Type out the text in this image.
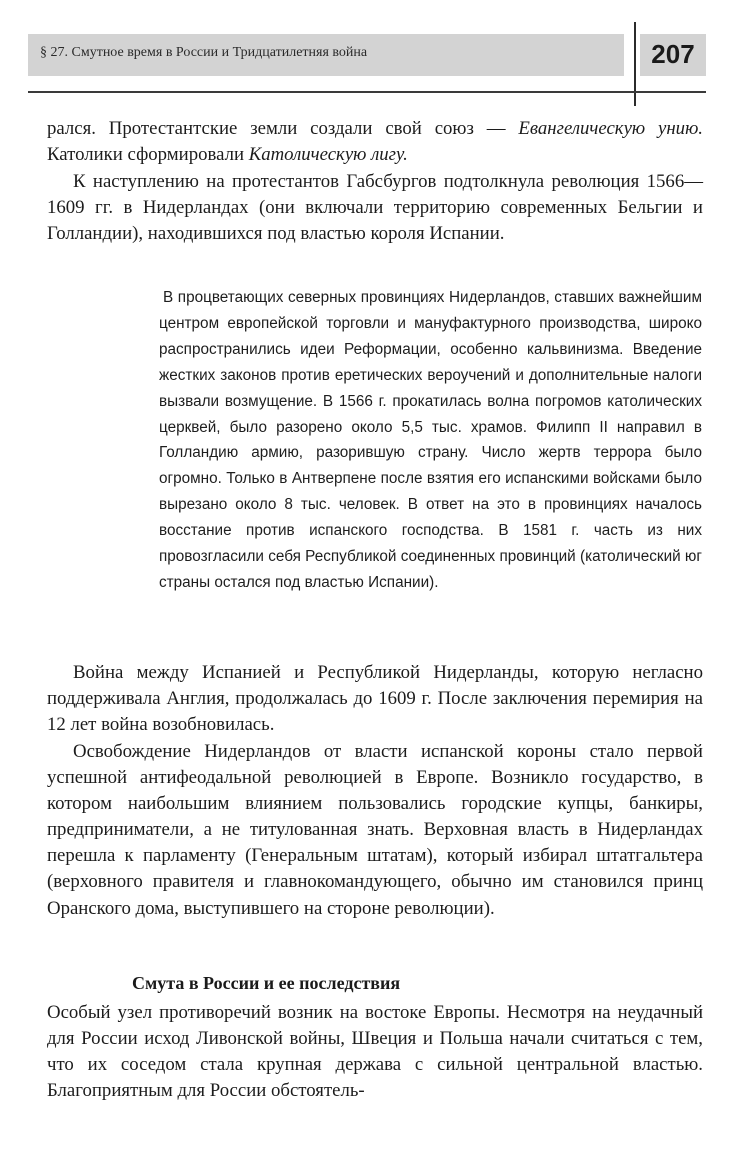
§ 27. Смутное время в России и Тридцатилетняя война	207

рался. Протестантские земли создали свой союз — Евангелическую унию. Католики сформировали Католическую лигу.

К наступлению на протестантов Габсбургов подтолкнула революция 1566—1609 гг. в Нидерландах (они включали территорию современных Бельгии и Голландии), находившихся под властью короля Испании.

В процветающих северных провинциях Нидерландов, ставших важнейшим центром европейской торговли и мануфактурного производства, широко распространились идеи Реформации, особенно кальвинизма. Введение жестких законов против еретических вероучений и дополнительные налоги вызвали возмущение. В 1566 г. прокатилась волна погромов католических церквей, было разорено около 5,5 тыс. храмов. Филипп II направил в Голландию армию, разорившую страну. Число жертв террора было огромно. Только в Антверпене после взятия его испанскими войсками было вырезано около 8 тыс. человек. В ответ на это в провинциях началось восстание против испанского господства. В 1581 г. часть из них провозгласили себя Республикой соединенных провинций (католический юг страны остался под властью Испании).

Война между Испанией и Республикой Нидерланды, которую негласно поддерживала Англия, продолжалась до 1609 г. После заключения перемирия на 12 лет война возобновилась.

Освобождение Нидерландов от власти испанской короны стало первой успешной антифеодальной революцией в Европе. Возникло государство, в котором наибольшим влиянием пользовались городские купцы, банкиры, предприниматели, а не титулованная знать. Верховная власть в Нидерландах перешла к парламенту (Генеральным штатам), который избирал штатгальтера (верховного правителя и главнокомандующего, обычно им становился принц Оранского дома, выступившего на стороне революции).

Смута в России и ее последствия

Особый узел противоречий возник на востоке Европы. Несмотря на неудачный для России исход Ливонской войны, Швеция и Польша начали считаться с тем, что их соседом стала крупная держава с сильной центральной властью. Благоприятным для России обстоятель-
